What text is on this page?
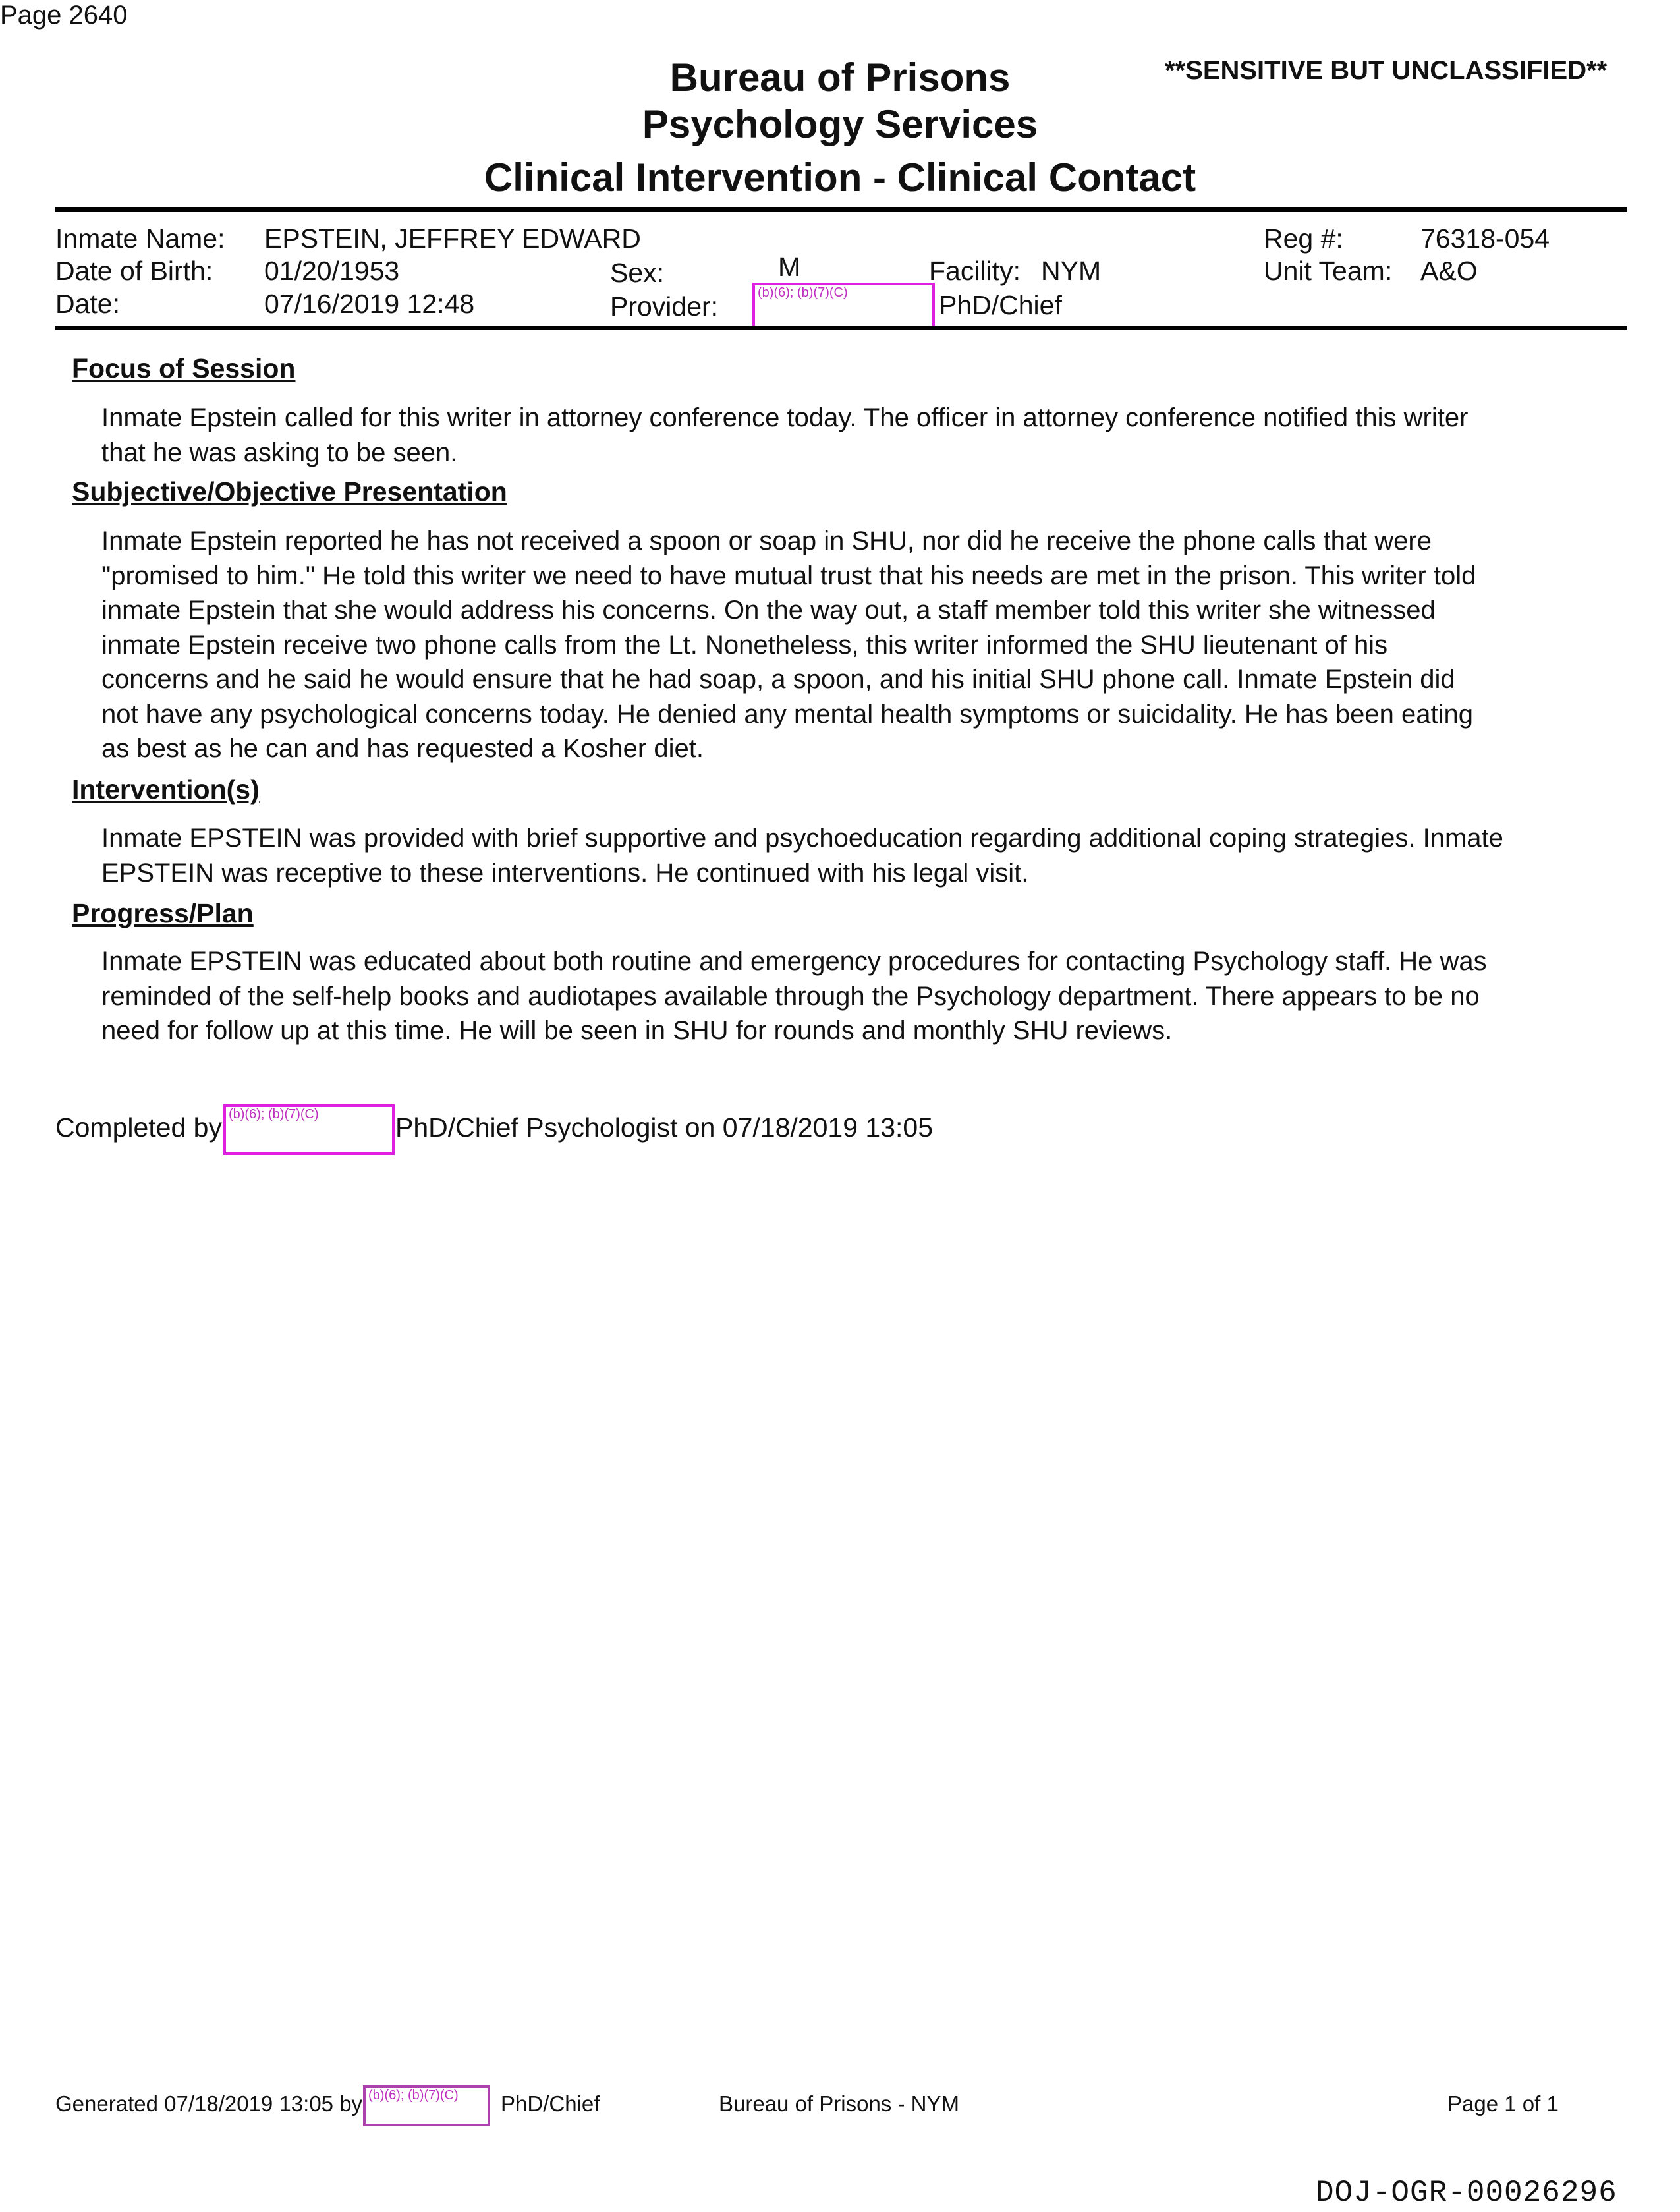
Page 2640
**SENSITIVE BUT UNCLASSIFIED**
Bureau of Prisons
Psychology Services
Clinical Intervention - Clinical Contact
Inmate Name: EPSTEIN, JEFFREY EDWARD	Reg #:	76318-054
Date of Birth: 01/20/1953	Sex:	M	Facility: NYM	Unit Team: A&O
Date:	07/16/2019 12:48	Provider:	(b)(6); (b)(7)(C)	PhD/Chief
Focus of Session
Inmate Epstein called for this writer in attorney conference today. The officer in attorney conference notified this writer
that he was asking to be seen.
Subjective/Objective Presentation
Inmate Epstein reported he has not received a spoon or soap in SHU, nor did he receive the phone calls that were
"promised to him." He told this writer we need to have mutual trust that his needs are met in the prison. This writer told
inmate Epstein that she would address his concerns. On the way out, a staff member told this writer she witnessed
inmate Epstein receive two phone calls from the Lt. Nonetheless, this writer informed the SHU lieutenant of his
concerns and he said he would ensure that he had soap, a spoon, and his initial SHU phone call. Inmate Epstein did
not have any psychological concerns today. He denied any mental health symptoms or suicidality. He has been eating
as best as he can and has requested a Kosher diet.
Intervention(s)
Inmate EPSTEIN was provided with brief supportive and psychoeducation regarding additional coping strategies. Inmate
EPSTEIN was receptive to these interventions. He continued with his legal visit.
Progress/Plan
Inmate EPSTEIN was educated about both routine and emergency procedures for contacting Psychology staff. He was
reminded of the self-help books and audiotapes available through the Psychology department. There appears to be no
need for follow up at this time. He will be seen in SHU for rounds and monthly SHU reviews.
Completed by (b)(6); (b)(7)(C)	PhD/Chief Psychologist on 07/18/2019 13:05
Generated 07/18/2019 13:05 by (b)(6); (b)(7)(C) PhD/Chief	Bureau of Prisons - NYM	Page 1 of 1
DOJ-OGR-00026296
